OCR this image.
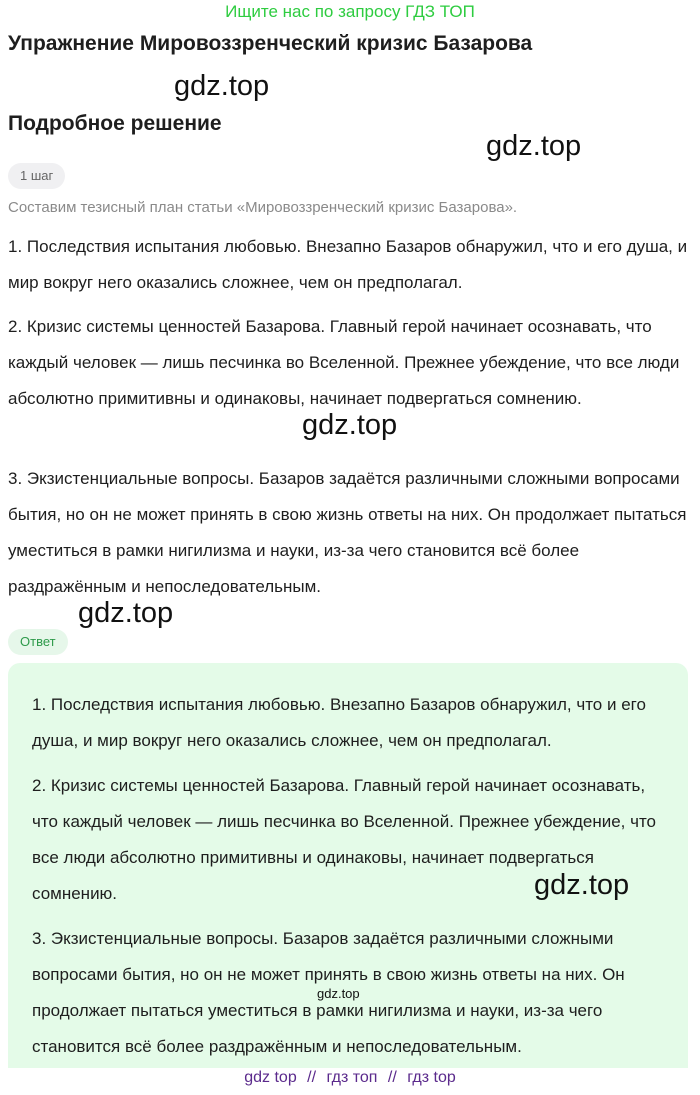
Ищите нас по запросу ГДЗ ТОП
Упражнение Мировоззренческий кризис Базарова
gdz.top
Подробное решение
gdz.top
1 шаг
Составим тезисный план статьи «Мировоззренческий кризис Базарова».

1. Последствия испытания любовью. Внезапно Базаров обнаружил, что и его душа, и мир вокруг него оказались сложнее, чем он предполагал.

2. Кризис системы ценностей Базарова. Главный герой начинает осознавать, что каждый человек — лишь песчинка во Вселенной. Прежнее убеждение, что все люди абсолютно примитивны и одинаковы, начинает подвергаться сомнению.

gdz.top

3. Экзистенциальные вопросы. Базаров задаётся различными сложными вопросами бытия, но он не может принять в свою жизнь ответы на них. Он продолжает пытаться уместиться в рамки нигилизма и науки, из-за чего становится всё более раздражённым и непоследовательным.

gdz.top
Ответ

1. Последствия испытания любовью. Внезапно Базаров обнаружил, что и его душа, и мир вокруг него оказались сложнее, чем он предполагал.

2. Кризис системы ценностей Базарова. Главный герой начинает осознавать, что каждый человек — лишь песчинка во Вселенной. Прежнее убеждение, что все люди абсолютно примитивны и одинаковы, начинает подвергаться сомнению.	gdz.top

3. Экзистенциальные вопросы. Базаров задаётся различными сложными вопросами бытия, но он не может принять в свою жизнь ответы на них. Он продолжает пытаться уместиться в рамки нигилизма и науки, из-за чего становится всё более раздражённым и непоследовательным.

gdz.top
gdz top // гдз топ // гдз top
